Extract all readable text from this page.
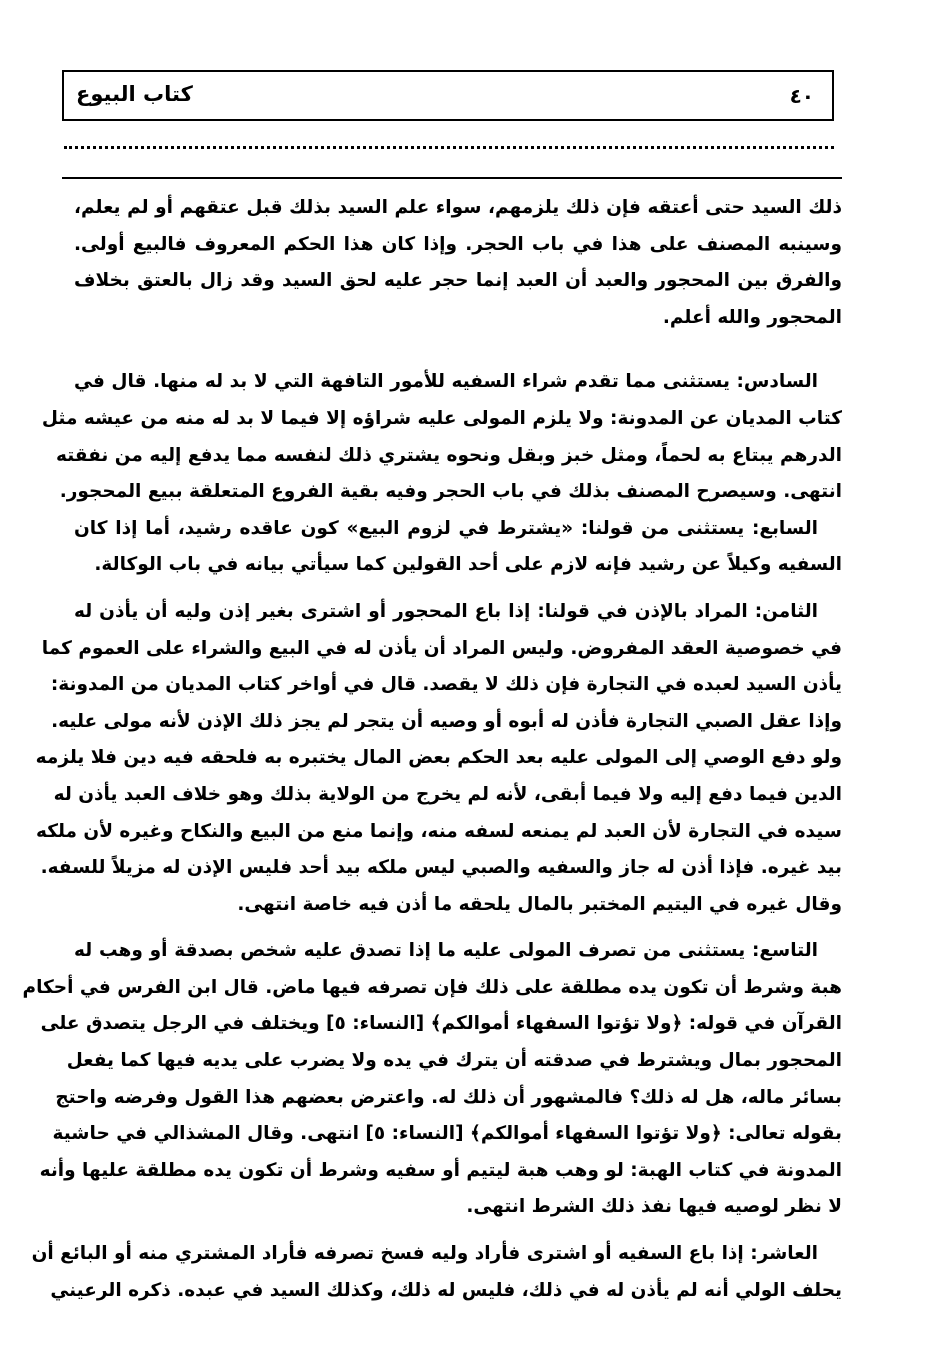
٤٠
كتاب البيوع
ذلك السيد حتى أعتقه فإن ذلك يلزمهم، سواء علم السيد بذلك قبل عتقهم أو لم يعلم،
وسينبه المصنف على هذا في باب الحجر. وإذا كان هذا الحكم المعروف فالبيع أولى.
والفرق بين المحجور والعبد أن العبد إنما حجر عليه لحق السيد وقد زال بالعتق بخلاف
المحجور والله أعلم.
السادس: يستثنى مما تقدم شراء السفيه للأمور التافهة التي لا بد له منها. قال في
كتاب المديان عن المدونة: ولا يلزم المولى عليه شراؤه إلا فيما لا بد له منه من عيشه مثل
الدرهم يبتاع به لحماً، ومثل خبز وبقل ونحوه يشتري ذلك لنفسه مما يدفع إليه من نفقته
انتهى. وسيصرح المصنف بذلك في باب الحجر وفيه بقية الفروع المتعلقة ببيع المحجور.
السابع: يستثنى من قولنا: «يشترط في لزوم البيع» كون عاقده رشيد، أما إذا كان
السفيه وكيلاً عن رشيد فإنه لازم على أحد القولين كما سيأتي بيانه في باب الوكالة.
الثامن: المراد بالإذن في قولنا: إذا باع المحجور أو اشترى بغير إذن وليه أن يأذن له
في خصوصية العقد المفروض. وليس المراد أن يأذن له في البيع والشراء على العموم كما
يأذن السيد لعبده في التجارة فإن ذلك لا يقصد. قال في أواخر كتاب المديان من المدونة:
وإذا عقل الصبي التجارة فأذن له أبوه أو وصيه أن يتجر لم يجز ذلك الإذن لأنه مولى عليه.
ولو دفع الوصي إلى المولى عليه بعد الحكم بعض المال يختبره به فلحقه فيه دين فلا يلزمه
الدين فيما دفع إليه ولا فيما أبقى، لأنه لم يخرج من الولاية بذلك وهو خلاف العبد يأذن له
سيده في التجارة لأن العبد لم يمنعه لسفه منه، وإنما منع من البيع والنكاح وغيره لأن ملكه
بيد غيره. فإذا أذن له جاز والسفيه والصبي ليس ملكه بيد أحد فليس الإذن له مزيلاً للسفه.
وقال غيره في اليتيم المختبر بالمال يلحقه ما أذن فيه خاصة انتهى.
التاسع: يستثنى من تصرف المولى عليه ما إذا تصدق عليه شخص بصدقة أو وهب له
هبة وشرط أن تكون يده مطلقة على ذلك فإن تصرفه فيها ماض. قال ابن الفرس في أحكام
القرآن في قوله: ﴿ولا تؤتوا السفهاء أموالكم﴾ [النساء: ٥] ويختلف في الرجل يتصدق على
المحجور بمال ويشترط في صدقته أن يترك في يده ولا يضرب على يديه فيها كما يفعل
بسائر ماله، هل له ذلك؟ فالمشهور أن ذلك له. واعترض بعضهم هذا القول وفرضه واحتج
بقوله تعالى: ﴿ولا تؤتوا السفهاء أموالكم﴾ [النساء: ٥] انتهى. وقال المشذالي في حاشية
المدونة في كتاب الهبة: لو وهب هبة ليتيم أو سفيه وشرط أن تكون يده مطلقة عليها وأنه
لا نظر لوصيه فيها نفذ ذلك الشرط انتهى.
العاشر: إذا باع السفيه أو اشترى فأراد وليه فسخ تصرفه فأراد المشتري منه أو البائع أن
يحلف الولي أنه لم يأذن له في ذلك، فليس له ذلك، وكذلك السيد في عبده. ذكره الرعيني
